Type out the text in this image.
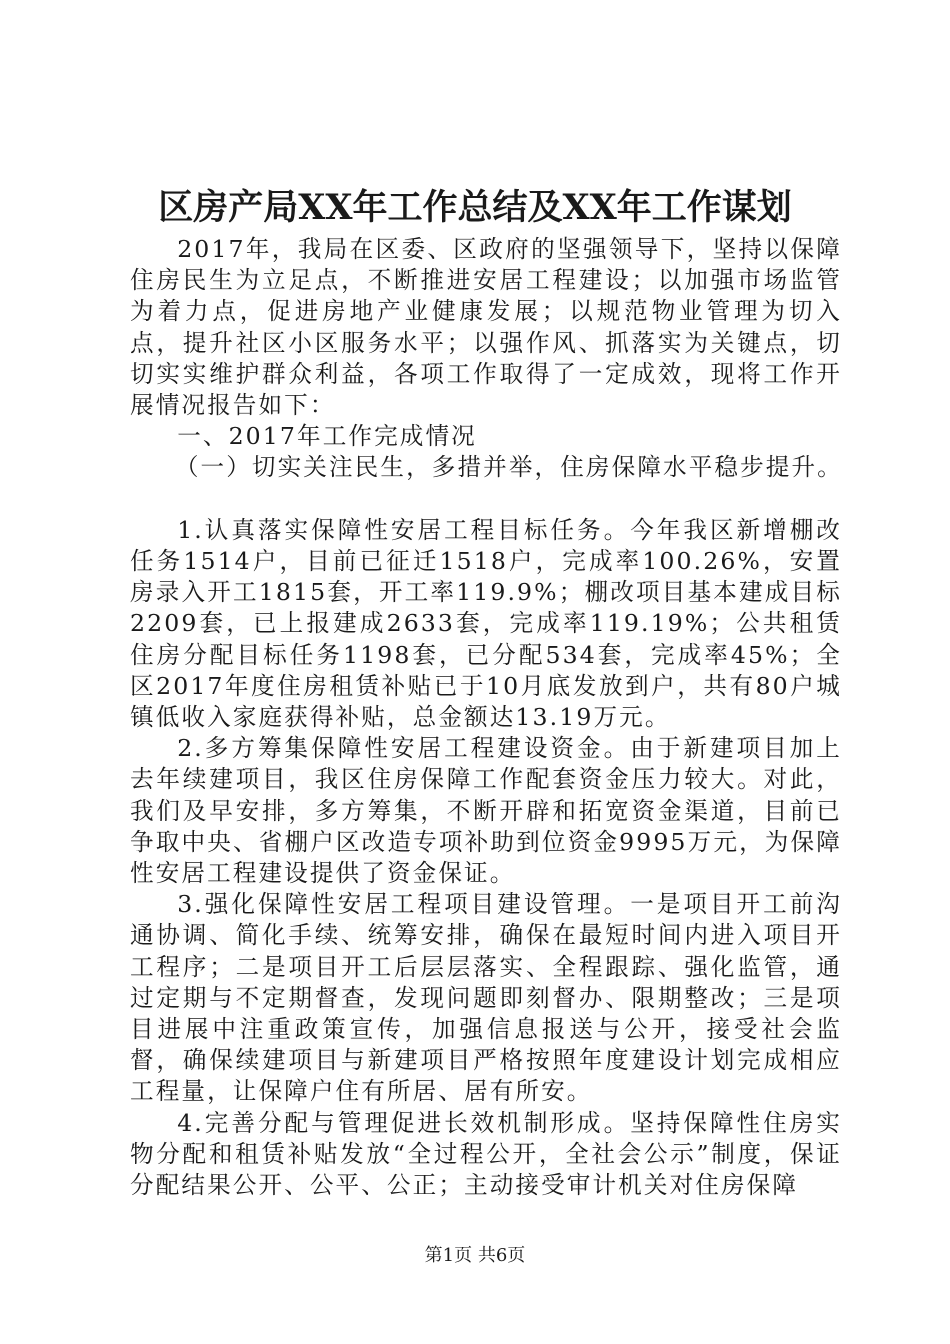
区房产局XX年工作总结及XX年工作谋划

2017年，我局在区委、区政府的坚强领导下，坚持以保障住房民生为立足点，不断推进安居工程建设；以加强市场监管为着力点，促进房地产业健康发展；以规范物业管理为切入点，提升社区小区服务水平；以强作风、抓落实为关键点，切切实实维护群众利益，各项工作取得了一定成效，现将工作开展情况报告如下：

一、2017年工作完成情况

（一）切实关注民生，多措并举，住房保障水平稳步提升。

1.认真落实保障性安居工程目标任务。今年我区新增棚改任务1514户，目前已征迁1518户，完成率100.26%，安置房录入开工1815套，开工率119.9%；棚改项目基本建成目标2209套，已上报建成2633套，完成率119.19%；公共租赁住房分配目标任务1198套，已分配534套，完成率45%；全区2017年度住房租赁补贴已于10月底发放到户，共有80户城镇低收入家庭获得补贴，总金额达13.19万元。

2.多方筹集保障性安居工程建设资金。由于新建项目加上去年续建项目，我区住房保障工作配套资金压力较大。对此，我们及早安排，多方筹集，不断开辟和拓宽资金渠道，目前已争取中央、省棚户区改造专项补助到位资金9995万元，为保障性安居工程建设提供了资金保证。

3.强化保障性安居工程项目建设管理。一是项目开工前沟通协调、简化手续、统筹安排，确保在最短时间内进入项目开工程序；二是项目开工后层层落实、全程跟踪、强化监管，通过定期与不定期督查，发现问题即刻督办、限期整改；三是项目进展中注重政策宣传，加强信息报送与公开，接受社会监督，确保续建项目与新建项目严格按照年度建设计划完成相应工程量，让保障户住有所居、居有所安。

4.完善分配与管理促进长效机制形成。坚持保障性住房实物分配和租赁补贴发放“全过程公开，全社会公示”制度，保证分配结果公开、公平、公正；主动接受审计机关对住房保障

第1页 共6页
